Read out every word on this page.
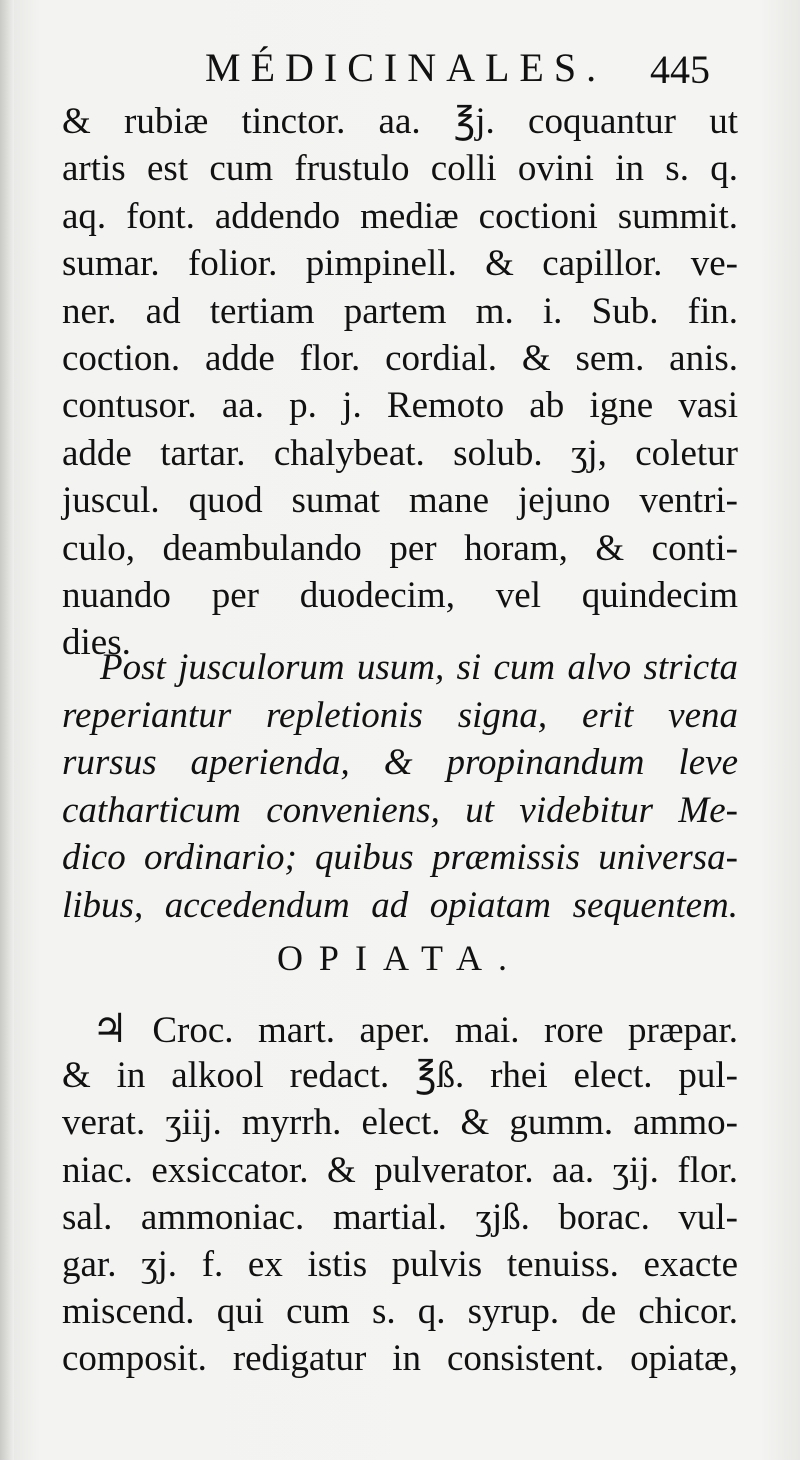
MÉDICINALES. 445
& rubiæ tinctor. aa. ℥j. coquantur ut
artis est cum frustulo colli ovini in s. q.
aq. font. addendo mediæ coctioni summit.
sumar. folior. pimpinell. & capillor. ve-
ner. ad tertiam partem m. i. Sub. fin.
coction. adde flor. cordial. & sem. anis.
contusor. aa. p. j. Remoto ab igne vasi
adde tartar. chalybeat. solub. ʒj, coletur
juscul. quod sumat mane jejuno ventri-
culo, deambulando per horam, & conti-
nuando per duodecim, vel quindecim
dies.
Post jusculorum usum, si cum alvo stricta
reperiantur repletionis signa, erit vena
rursus aperienda, & propinandum leve
catharticum conveniens, ut videbitur Me-
dico ordinario; quibus præmissis universa-
libus, accedendum ad opiatam sequentem.
OPIATA.
♃ Croc. mart. aper. mai. rore præpar.
& in alkool redact. ℥ß. rhei elect. pul-
verat. ʒiij. myrrh. elect. & gumm. ammo-
niac. exsiccator. & pulverator. aa. ʒij. flor.
sal. ammoniac. martial. ʒjß. borac. vul-
gar. ʒj. f. ex istis pulvis tenuiss. exacte
miscend. qui cum s. q. syrup. de chicor.
composit. redigatur in consistent. opiatæ,
